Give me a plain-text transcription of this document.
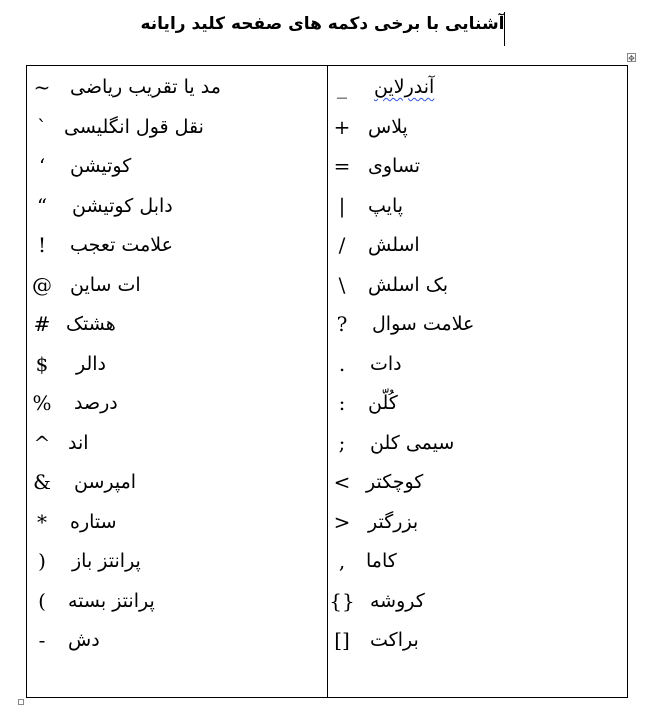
آشنایی با برخی دکمه های صفحه کلید رایانه
✥
~	مد یا تقریب ریاضی
` نقل قول انگلیسی
‘	کوتیشن
“	دابل کوتیشن
!	علامت تعجب
@ ات ساین
# هشتک
$	دالر
%	درصد
^ اند
&	امپرسن
*	ستاره
)	پرانتز باز
(	پرانتز بسته
-	دش
_	آندرلاین
+ پلاس
= تساوی
|	پایپ
/	اسلش
\	بک اسلش
?	علامت سوال
.	دات
:	کُلّن
;	سیمی کلن
< کوچکتر
> بزرگتر
,	کاما
{} کروشه
[]	براکت
